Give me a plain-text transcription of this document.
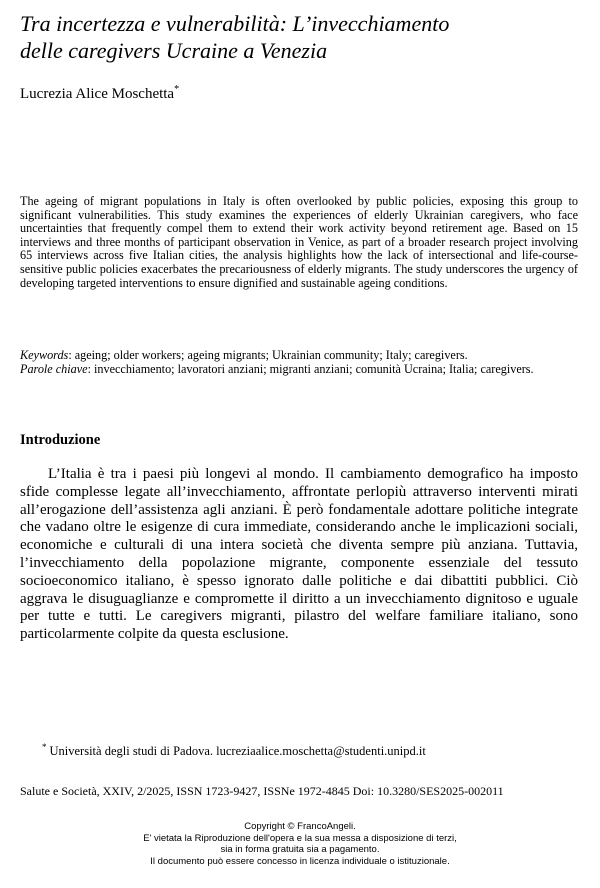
Tra incertezza e vulnerabilità: L’invecchiamento
delle caregivers Ucraine a Venezia
Lucrezia Alice Moschetta*

The ageing of migrant populations in Italy is often overlooked by public policies, exposing this group to significant vulnerabilities. This study examines the experiences of elderly Ukrainian caregivers, who face uncertainties that frequently compel them to extend their work activity beyond retirement age. Based on 15 interviews and three months of participant observation in Venice, as part of a broader research project involving 65 interviews across five Italian cities, the analysis highlights how the lack of intersectional and life-course-sensitive public policies exacerbates the precariousness of elderly migrants. The study underscores the urgency of developing targeted interventions to ensure dignified and sustainable ageing conditions.

Keywords: ageing; older workers; ageing migrants; Ukrainian community; Italy; caregivers.
Parole chiave: invecchiamento; lavoratori anziani; migranti anziani; comunità Ucraina; Italia; caregivers.

Introduzione

L’Italia è tra i paesi più longevi al mondo. Il cambiamento demografico ha imposto sfide complesse legate all’invecchiamento, affrontate perlopiù attraverso interventi mirati all’erogazione dell’assistenza agli anziani. È però fondamentale adottare politiche integrate che vadano oltre le esigenze di cura immediate, considerando anche le implicazioni sociali, economiche e culturali di una intera società che diventa sempre più anziana. Tuttavia, l’invecchiamento della popolazione migrante, componente essenziale del tessuto socioeconomico italiano, è spesso ignorato dalle politiche e dai dibattiti pubblici. Ciò aggrava le disuguaglianze e compromette il diritto a un invecchiamento dignitoso e uguale per tutte e tutti. Le caregivers migranti, pilastro del welfare familiare italiano, sono particolarmente colpite da questa esclusione.

* Università degli studi di Padova. lucreziaalice.moschetta@studenti.unipd.it
Salute e Società, XXIV, 2/2025, ISSN 1723-9427, ISSNe 1972-4845 Doi: 10.3280/SES2025-002011
Copyright © FrancoAngeli.
E' vietata la Riproduzione dell'opera e la sua messa a disposizione di terzi,
sia in forma gratuita sia a pagamento.
Il documento può essere concesso in licenza individuale o istituzionale.
